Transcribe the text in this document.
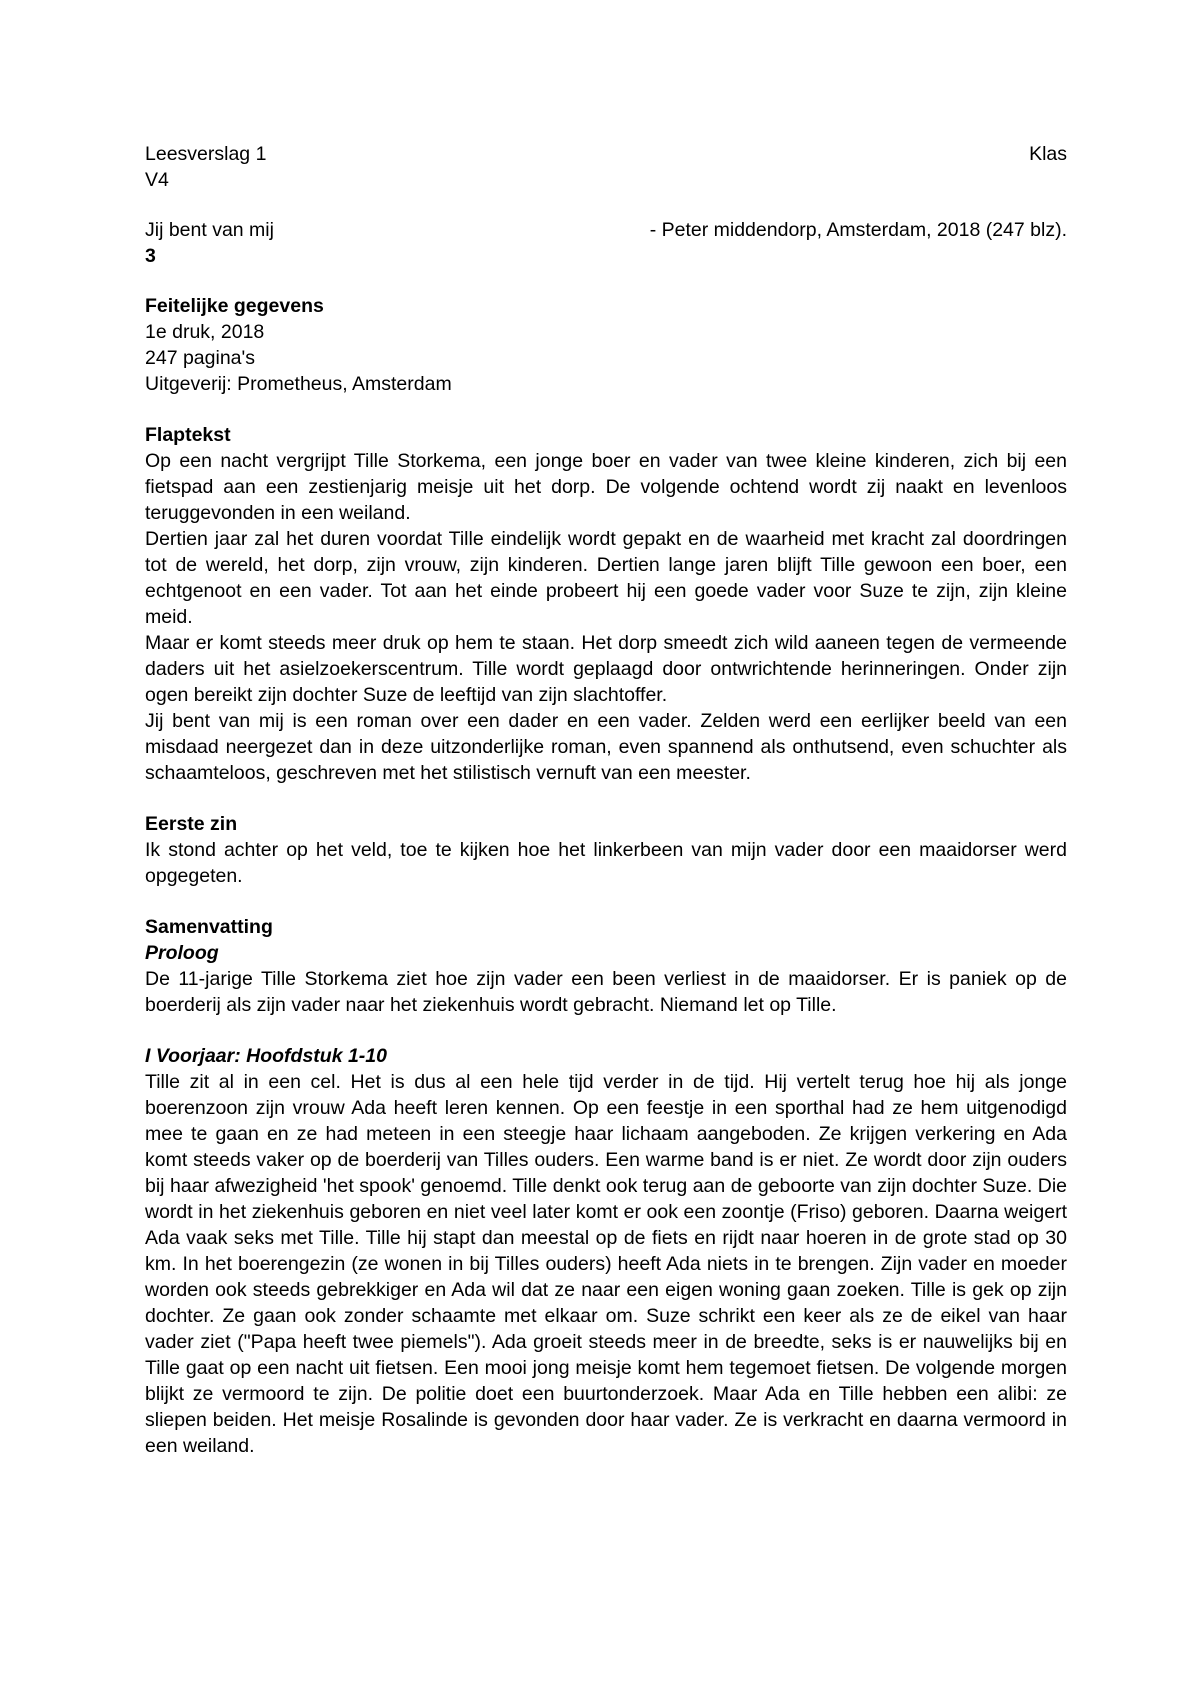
Leesverslag 1	Klas

V4

Jij bent van mij	- Peter middendorp, Amsterdam, 2018 (247 blz).

3

Feitelijke gegevens

1e druk, 2018

247 pagina's

Uitgeverij: Prometheus, Amsterdam

Flaptekst

Op een nacht vergrijpt Tille Storkema, een jonge boer en vader van twee kleine kinderen, zich bij een fietspad aan een zestienjarig meisje uit het dorp. De volgende ochtend wordt zij naakt en levenloos teruggevonden in een weiland.

Dertien jaar zal het duren voordat Tille eindelijk wordt gepakt en de waarheid met kracht zal doordringen tot de wereld, het dorp, zijn vrouw, zijn kinderen. Dertien lange jaren blijft Tille gewoon een boer, een echtgenoot en een vader. Tot aan het einde probeert hij een goede vader voor Suze te zijn, zijn kleine meid.

Maar er komt steeds meer druk op hem te staan. Het dorp smeedt zich wild aaneen tegen de vermeende daders uit het asielzoekerscentrum. Tille wordt geplaagd door ontwrichtende herinneringen. Onder zijn ogen bereikt zijn dochter Suze de leeftijd van zijn slachtoffer.

Jij bent van mij is een roman over een dader en een vader. Zelden werd een eerlijker beeld van een misdaad neergezet dan in deze uitzonderlijke roman, even spannend als onthutsend, even schuchter als schaamteloos, geschreven met het stilistisch vernuft van een meester.

Eerste zin

Ik stond achter op het veld, toe te kijken hoe het linkerbeen van mijn vader door een maaidorser werd opgegeten.

Samenvatting

Proloog

De 11-jarige Tille Storkema ziet hoe zijn vader een been verliest in de maaidorser. Er is paniek op de boerderij als zijn vader naar het ziekenhuis wordt gebracht. Niemand let op Tille.

I Voorjaar: Hoofdstuk 1-10

Tille zit al in een cel. Het is dus al een hele tijd verder in de tijd. Hij vertelt terug hoe hij als jonge boerenzoon zijn vrouw Ada heeft leren kennen. Op een feestje in een sporthal had ze hem uitgenodigd mee te gaan en ze had meteen in een steegje haar lichaam aangeboden. Ze krijgen verkering en Ada komt steeds vaker op de boerderij van Tilles ouders. Een warme band is er niet. Ze wordt door zijn ouders bij haar afwezigheid 'het spook' genoemd. Tille denkt ook terug aan de geboorte van zijn dochter Suze. Die wordt in het ziekenhuis geboren en niet veel later komt er ook een zoontje (Friso) geboren. Daarna weigert Ada vaak seks met Tille. Tille hij stapt dan meestal op de fiets en rijdt naar hoeren in de grote stad op 30 km. In het boerengezin (ze wonen in bij Tilles ouders) heeft Ada niets in te brengen. Zijn vader en moeder worden ook steeds gebrekkiger en Ada wil dat ze naar een eigen woning gaan zoeken. Tille is gek op zijn dochter. Ze gaan ook zonder schaamte met elkaar om. Suze schrikt een keer als ze de eikel van haar vader ziet ("Papa heeft twee piemels"). Ada groeit steeds meer in de breedte, seks is er nauwelijks bij en Tille gaat op een nacht uit fietsen. Een mooi jong meisje komt hem tegemoet fietsen. De volgende morgen blijkt ze vermoord te zijn. De politie doet een buurtonderzoek. Maar Ada en Tille hebben een alibi: ze sliepen beiden. Het meisje Rosalinde is gevonden door haar vader. Ze is verkracht en daarna vermoord in een weiland.
